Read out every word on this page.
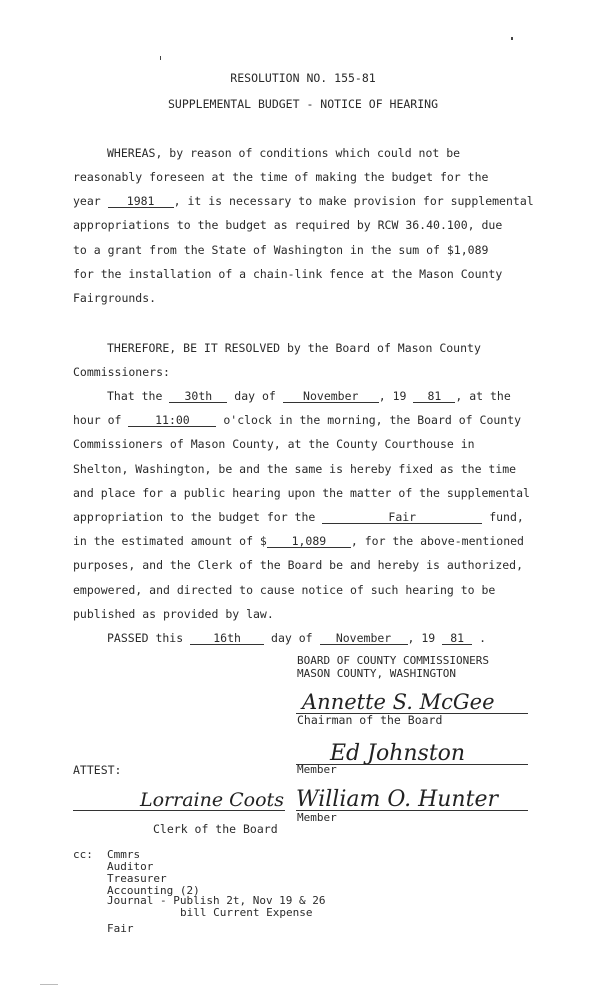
RESOLUTION NO. 155-81
SUPPLEMENTAL BUDGET - NOTICE OF HEARING
WHEREAS, by reason of conditions which could not be
reasonably foreseen at the time of making the budget for the
year 1981 , it is necessary to make provision for supplemental
appropriations to the budget as required by RCW 36.40.100, due
to a grant from the State of Washington in the sum of $1,089
for the installation of a chain-link fence at the Mason County
Fairgrounds.
THEREFORE, BE IT RESOLVED by the Board of Mason County
Commissioners:
That the 30th day of November , 19 81 , at the
hour of	11:00	o'clock in the morning, the Board of County
Commissioners of Mason County, at the County Courthouse in
Shelton, Washington, be and the same is hereby fixed as the time
and place for a public hearing upon the matter of the supplemental
appropriation to the budget for the	Fair	fund,
in the estimated amount of $ 1,089 , for the above-mentioned
purposes, and the Clerk of the Board be and hereby is authorized,
empowered, and directed to cause notice of such hearing to be
published as provided by law.
PASSED this	16th	day of November , 19 81 .
BOARD OF COUNTY COMMISSIONERS
MASON COUNTY, WASHINGTON
Annette S. McGee
Chairman of the Board
Ed Johnston
Member
ATTEST:
Lorraine Coots William O. Hunter
Member
Clerk of the Board
cc: Cmmrs
Auditor
Treasurer
Accounting (2)
Journal - Publish 2t, Nov 19 & 26
bill Current Expense
Fair
